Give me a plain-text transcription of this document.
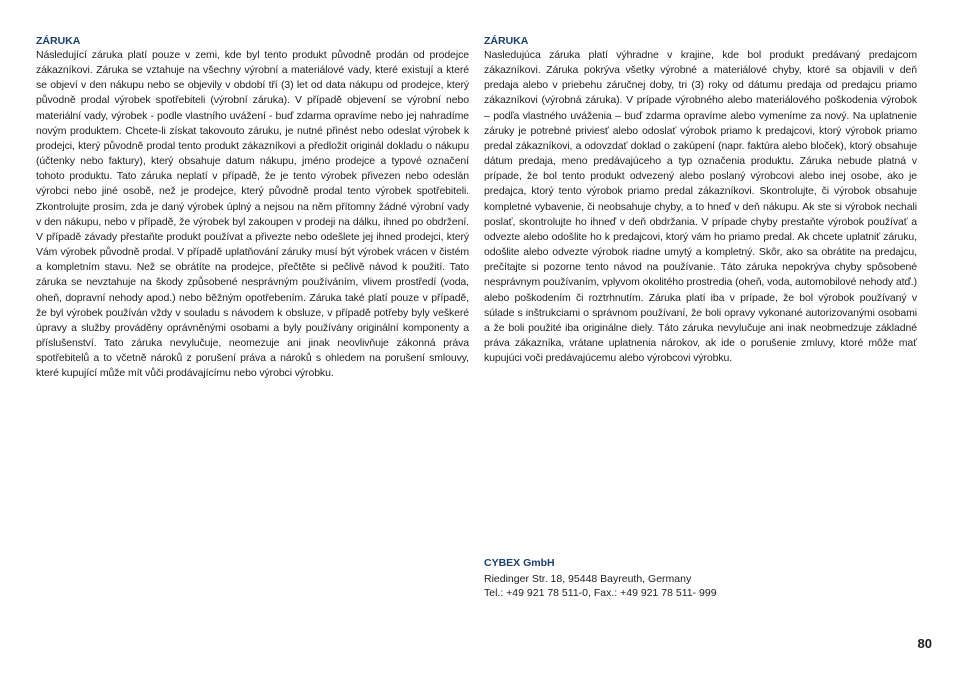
ZÁRUKA

Následující záruka platí pouze v zemi, kde byl tento produkt původně prodán od prodejce zákazníkovi. Záruka se vztahuje na všechny výrobní a materiálové vady, které existují a které se objeví v den nákupu nebo se objevily v období tří (3) let od data nákupu od prodejce, který původně prodal výrobek spotřebiteli (výrobní záruka). V případě objevení se výrobní nebo materiální vady, výrobek - podle vlastního uvážení - buď zdarma opravíme nebo jej nahradíme novým produktem. Chcete-li získat takovouto záruku, je nutné přinést nebo odeslat výrobek k prodejci, který původně prodal tento produkt zákazníkovi a předložit originál dokladu o nákupu (účtenky nebo faktury), který obsahuje datum nákupu, jméno prodejce a typové označení tohoto produktu. Tato záruka neplatí v případě, že je tento výrobek přivezen nebo odeslán výrobci nebo jiné osobě, než je prodejce, který původně prodal tento výrobek spotřebiteli. Zkontrolujte prosím, zda je daný výrobek úplný a nejsou na něm přítomny žádné výrobní vady v den nákupu, nebo v případě, že výrobek byl zakoupen v prodeji na dálku, ihned po obdržení. V případě závady přestaňte produkt používat a přivezte nebo odešlete jej ihned prodejci, který Vám výrobek původně prodal. V případě uplatňování záruky musí být výrobek vrácen v čistém a kompletním stavu. Než se obrátíte na prodejce, přečtěte si pečlivě návod k použití. Tato záruka se nevztahuje na škody způsobené nesprávným používáním, vlivem prostředí (voda, oheň, dopravní nehody apod.) nebo běžným opotřebením. Záruka také platí pouze v případě, že byl výrobek používán vždy v souladu s návodem k obsluze, v případě potřeby byly veškeré úpravy a služby prováděny oprávněnými osobami a byly používány originální komponenty a příslušenství. Tato záruka nevylučuje, neomezuje ani jinak neovlivňuje zákonná práva spotřebitelů a to včetně nároků z porušení práva a nároků s ohledem na porušení smlouvy, které kupující může mít vůči prodávajícímu nebo výrobci výrobku.

ZÁRUKA

Nasledujúca záruka platí výhradne v krajine, kde bol produkt predávaný predajcom zákazníkovi. Záruka pokrýva všetky výrobné a materiálové chyby, ktoré sa objavili v deň predaja alebo v priebehu záručnej doby, tri (3) roky od dátumu predaja od predajcu priamo zákazníkovi (výrobná záruka). V prípade výrobného alebo materiálového poškodenia výrobok – podľa vlastného uváženia – buď zdarma opravíme alebo vymeníme za nový. Na uplatnenie záruky je potrebné priviesť alebo odoslať výrobok priamo k predajcovi, ktorý výrobok priamo predal zákazníkovi, a odovzdať doklad o zakúpení (napr. faktúra alebo bloček), ktorý obsahuje dátum predaja, meno predávajúceho a typ označenia produktu. Záruka nebude platná v prípade, že bol tento produkt odvezený alebo poslaný výrobcovi alebo inej osobe, ako je predajca, ktorý tento výrobok priamo predal zákazníkovi. Skontrolujte, či výrobok obsahuje kompletné vybavenie, či neobsahuje chyby, a to hneď v deň nákupu. Ak ste si výrobok nechali poslať, skontrolujte ho ihneď v deň obdržania. V prípade chyby prestaňte výrobok používať a odvezte alebo odošlite ho k predajcovi, ktorý vám ho priamo predal. Ak chcete uplatniť záruku, odošlite alebo odvezte výrobok riadne umytý a kompletný. Skôr, ako sa obrátite na predajcu, prečítajte si pozorne tento návod na používanie. Táto záruka nepokrýva chyby spôsobené nesprávnym používaním, vplyvom okolitého prostredia (oheň, voda, automobilové nehody atď.) alebo poškodením či roztrhnutím. Záruka platí iba v prípade, že bol výrobok používaný v súlade s inštrukciami o správnom používaní, že boli opravy vykonané autorizovanými osobami a že boli použité iba originálne diely. Táto záruka nevylučuje ani inak neobmedzuje základné práva zákazníka, vrátane uplatnenia nárokov, ak ide o porušenie zmluvy, ktoré môže mať kupujúci voči predávajúcemu alebo výrobcovi výrobku.

CYBEX GmbH

Riedinger Str. 18, 95448 Bayreuth, Germany

Tel.: +49 921 78 511-0, Fax.: +49 921 78 511- 999

80
